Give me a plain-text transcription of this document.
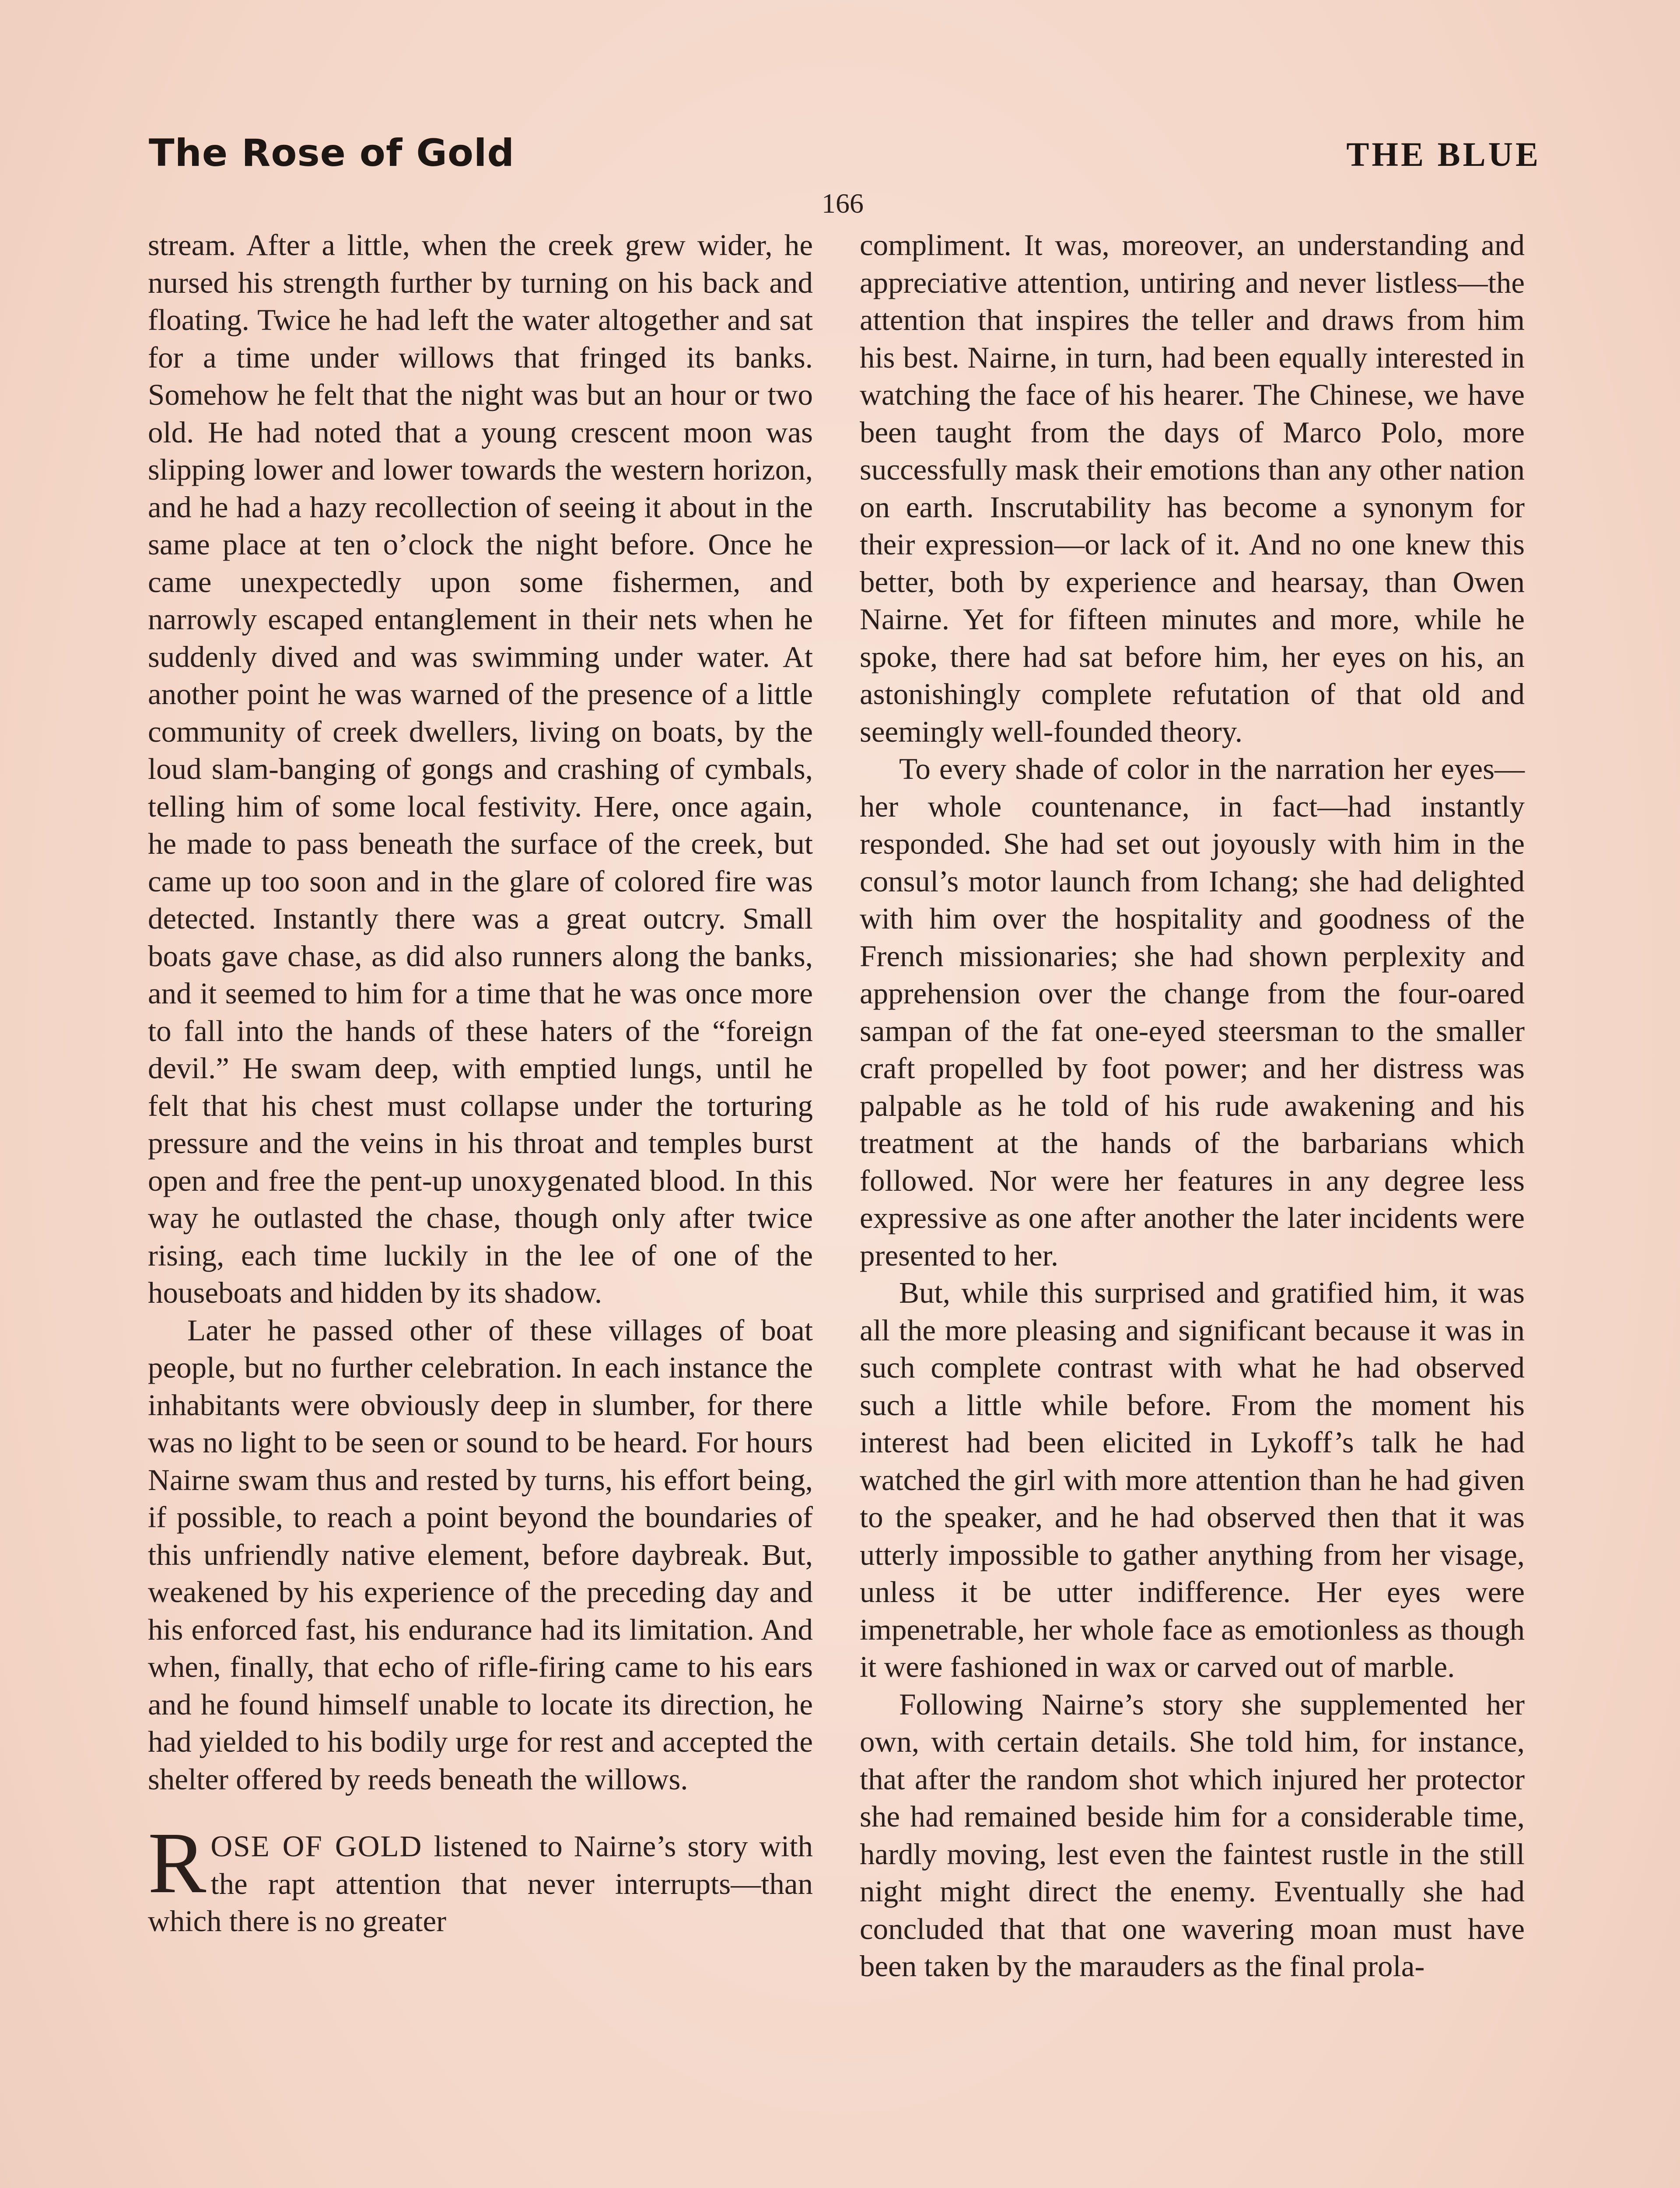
The Rose of Gold	THE BLUE
166

stream. After a little, when the creek grew wider, he nursed his strength further by turning on his back and floating. Twice he had left the water altogether and sat for a time under willows that fringed its banks. Somehow he felt that the night was but an hour or two old. He had noted that a young crescent moon was slipping lower and lower towards the western horizon, and he had a hazy recollection of seeing it about in the same place at ten o’clock the night before. Once he came unexpectedly upon some fishermen, and narrowly escaped entanglement in their nets when he suddenly dived and was swimming under water. At another point he was warned of the presence of a little community of creek dwellers, living on boats, by the loud slam-banging of gongs and crashing of cymbals, telling him of some local festivity. Here, once again, he made to pass beneath the surface of the creek, but came up too soon and in the glare of colored fire was detected. Instantly there was a great outcry. Small boats gave chase, as did also runners along the banks, and it seemed to him for a time that he was once more to fall into the hands of these haters of the “foreign devil.” He swam deep, with emptied lungs, until he felt that his chest must collapse under the torturing pressure and the veins in his throat and temples burst open and free the pent-up unoxygenated blood. In this way he outlasted the chase, though only after twice rising, each time luckily in the lee of one of the houseboats and hidden by its shadow.

Later he passed other of these villages of boat people, but no further celebration. In each instance the inhabitants were obviously deep in slumber, for there was no light to be seen or sound to be heard. For hours Nairne swam thus and rested by turns, his effort being, if possible, to reach a point beyond the boundaries of this unfriendly native element, before daybreak. But, weakened by his experience of the preceding day and his enforced fast, his endurance had its limitation. And when, finally, that echo of rifle-firing came to his ears and he found himself unable to locate its direction, he had yielded to his bodily urge for rest and accepted the shelter offered by reeds beneath the willows.

ROSE OF GOLD listened to Nairne’s story with the rapt attention that never interrupts—than which there is no greater

compliment. It was, moreover, an understanding and appreciative attention, untiring and never listless—the attention that inspires the teller and draws from him his best. Nairne, in turn, had been equally interested in watching the face of his hearer. The Chinese, we have been taught from the days of Marco Polo, more successfully mask their emotions than any other nation on earth. Inscrutability has become a synonym for their expression—or lack of it. And no one knew this better, both by experience and hearsay, than Owen Nairne. Yet for fifteen minutes and more, while he spoke, there had sat before him, her eyes on his, an astonishingly complete refutation of that old and seemingly well-founded theory.

To every shade of color in the narration her eyes—her whole countenance, in fact—had instantly responded. She had set out joyously with him in the consul’s motor launch from Ichang; she had delighted with him over the hospitality and goodness of the French missionaries; she had shown perplexity and apprehension over the change from the four-oared sampan of the fat one-eyed steersman to the smaller craft propelled by foot power; and her distress was palpable as he told of his rude awakening and his treatment at the hands of the barbarians which followed. Nor were her features in any degree less expressive as one after another the later incidents were presented to her.

But, while this surprised and gratified him, it was all the more pleasing and significant because it was in such complete contrast with what he had observed such a little while before. From the moment his interest had been elicited in Lykoff’s talk he had watched the girl with more attention than he had given to the speaker, and he had observed then that it was utterly impossible to gather anything from her visage, unless it be utter indifference. Her eyes were impenetrable, her whole face as emotionless as though it were fashioned in wax or carved out of marble.

Following Nairne’s story she supplemented her own, with certain details. She told him, for instance, that after the random shot which injured her protector she had remained beside him for a considerable time, hardly moving, lest even the faintest rustle in the still night might direct the enemy. Eventually she had concluded that that one wavering moan must have been taken by the marauders as the final prola-
